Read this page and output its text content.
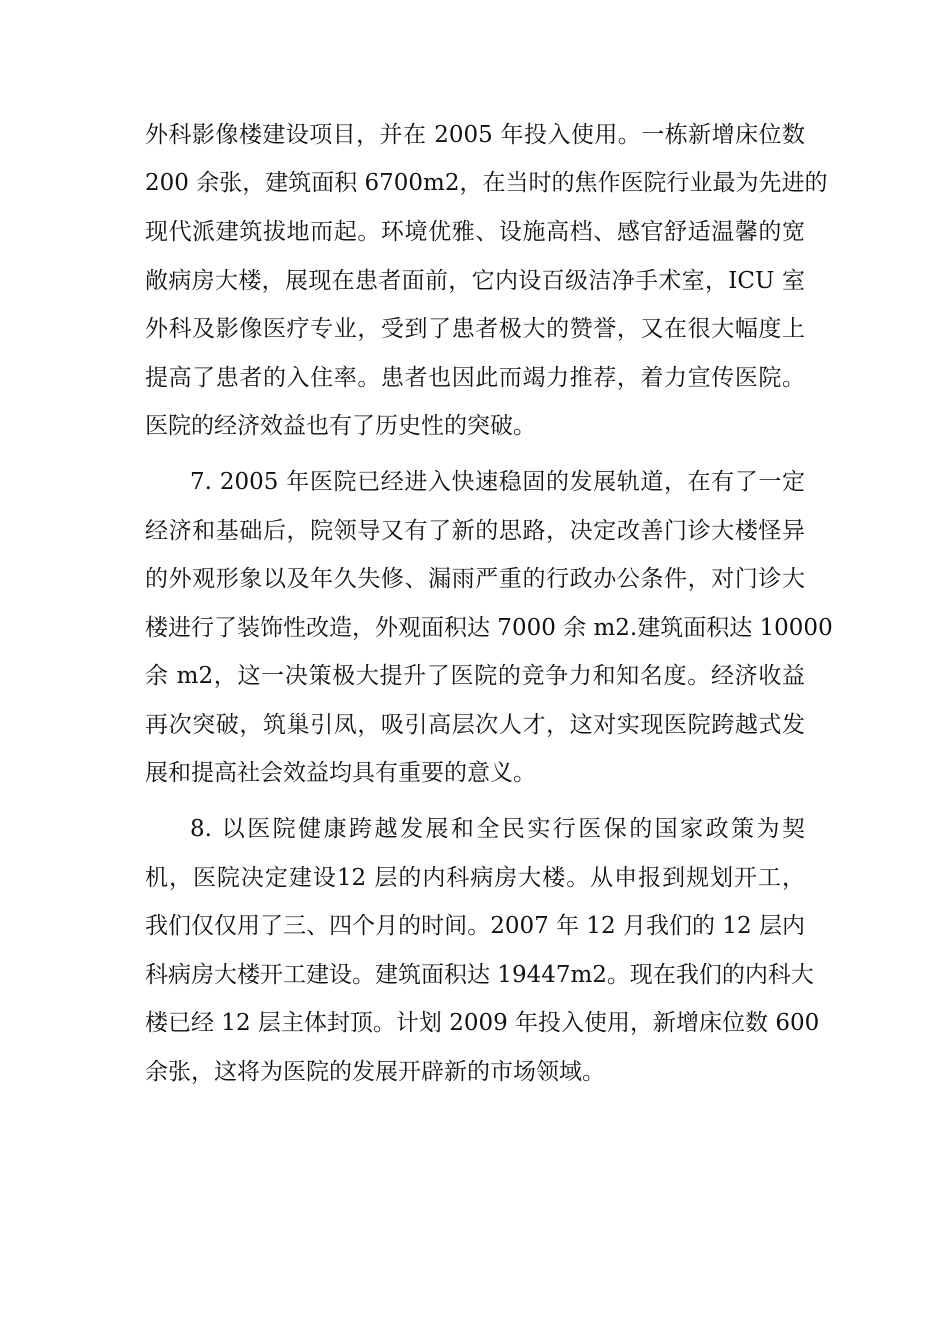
外科影像楼建设项目，并在 2005 年投入使用。一栋新增床位数
200 余张，建筑面积 6700m2，在当时的焦作医院行业最为先进的
现代派建筑拔地而起。环境优雅、设施高档、感官舒适温馨的宽
敞病房大楼，展现在患者面前，它内设百级洁净手术室，ICU 室
外科及影像医疗专业，受到了患者极大的赞誉，又在很大幅度上
提高了患者的入住率。患者也因此而竭力推荐，着力宣传医院。
医院的经济效益也有了历史性的突破。
7. 2005 年医院已经进入快速稳固的发展轨道，在有了一定
经济和基础后，院领导又有了新的思路，决定改善门诊大楼怪异
的外观形象以及年久失修、漏雨严重的行政办公条件，对门诊大
楼进行了装饰性改造，外观面积达 7000 余 m2.建筑面积达 10000
余 m2，这一决策极大提升了医院的竞争力和知名度。经济收益
再次突破，筑巢引凤，吸引高层次人才，这对实现医院跨越式发
展和提高社会效益均具有重要的意义。
8. 以医院健康跨越发展和全民实行医保的国家政策为契
机，医院决定建设12 层的内科病房大楼。从申报到规划开工，
我们仅仅用了三、四个月的时间。2007 年 12 月我们的 12 层内
科病房大楼开工建设。建筑面积达 19447m2。现在我们的内科大
楼已经 12 层主体封顶。计划 2009 年投入使用，新增床位数 600
余张，这将为医院的发展开辟新的市场领域。
